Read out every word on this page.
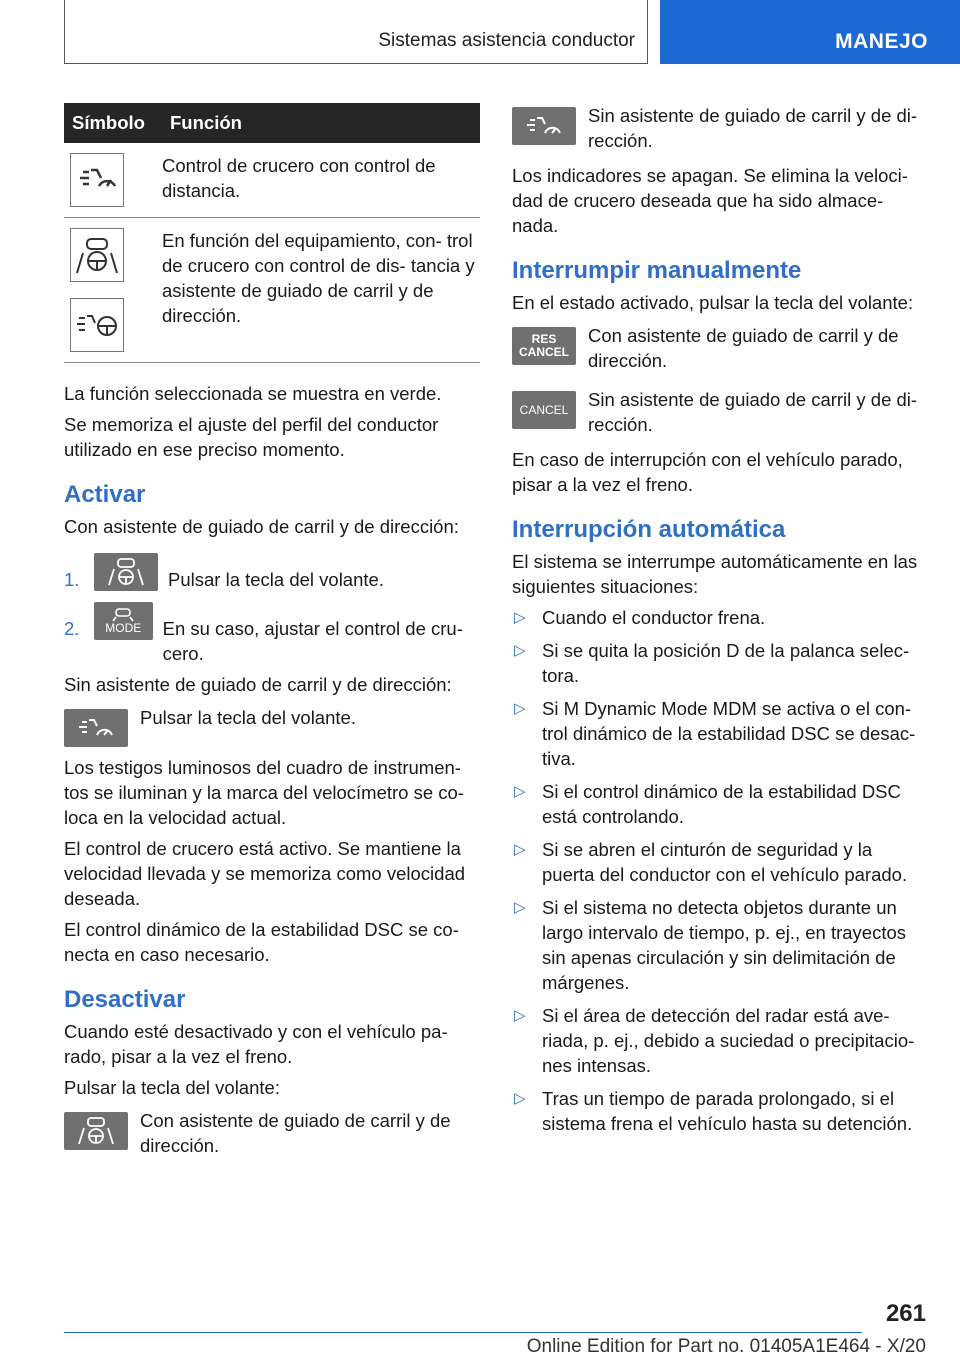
Sistemas asistencia conductor	MANEJO
Símbolo	Función

	Control de crucero con control de distancia.

	En función del equipamiento, con- trol de crucero con control de dis- tancia y asistente de guiado de carril y de dirección.

La función seleccionada se muestra en verde.

Se memoriza el ajuste del perfil del conductor utilizado en ese preciso momento.

Activar

Con asistente de guiado de carril y de dirección:

1.	Pulsar la tecla del volante.
2.	MODE	En su caso, ajustar el control de cru- cero.

Sin asistente de guiado de carril y de dirección:

Pulsar la tecla del volante.

Los testigos luminosos del cuadro de instrumen- tos se iluminan y la marca del velocímetro se co- loca en la velocidad actual.

El control de crucero está activo. Se mantiene la velocidad llevada y se memoriza como velocidad deseada.

El control dinámico de la estabilidad DSC se co- necta en caso necesario.

Desactivar

Cuando esté desactivado y con el vehículo pa- rado, pisar a la vez el freno.

Pulsar la tecla del volante:

Con asistente de guiado de carril y de dirección.
Sin asistente de guiado de carril y de di- rección.

Los indicadores se apagan. Se elimina la veloci- dad de crucero deseada que ha sido almace- nada.

Interrumpir manualmente

En el estado activado, pulsar la tecla del volante:

RES
CANCEL
Con asistente de guiado de carril y de dirección.
CANCEL	Sin asistente de guiado de carril y de di- rección.

En caso de interrupción con el vehículo parado, pisar a la vez el freno.

Interrupción automática

El sistema se interrumpe automáticamente en las siguientes situaciones:

▷ Cuando el conductor frena.
▷ Si se quita la posición D de la palanca selec- tora.
▷ Si M Dynamic Mode MDM se activa o el con- trol dinámico de la estabilidad DSC se desac- tiva.
▷ Si el control dinámico de la estabilidad DSC está controlando.
▷ Si se abren el cinturón de seguridad y la puerta del conductor con el vehículo parado.
▷ Si el sistema no detecta objetos durante un largo intervalo de tiempo, p. ej., en trayectos sin apenas circulación y sin delimitación de márgenes.
▷ Si el área de detección del radar está ave- riada, p. ej., debido a suciedad o precipitacio- nes intensas.
▷ Tras un tiempo de parada prolongado, si el sistema frena el vehículo hasta su detención.
261
Online Edition for Part no. 01405A1E464 - X/20
